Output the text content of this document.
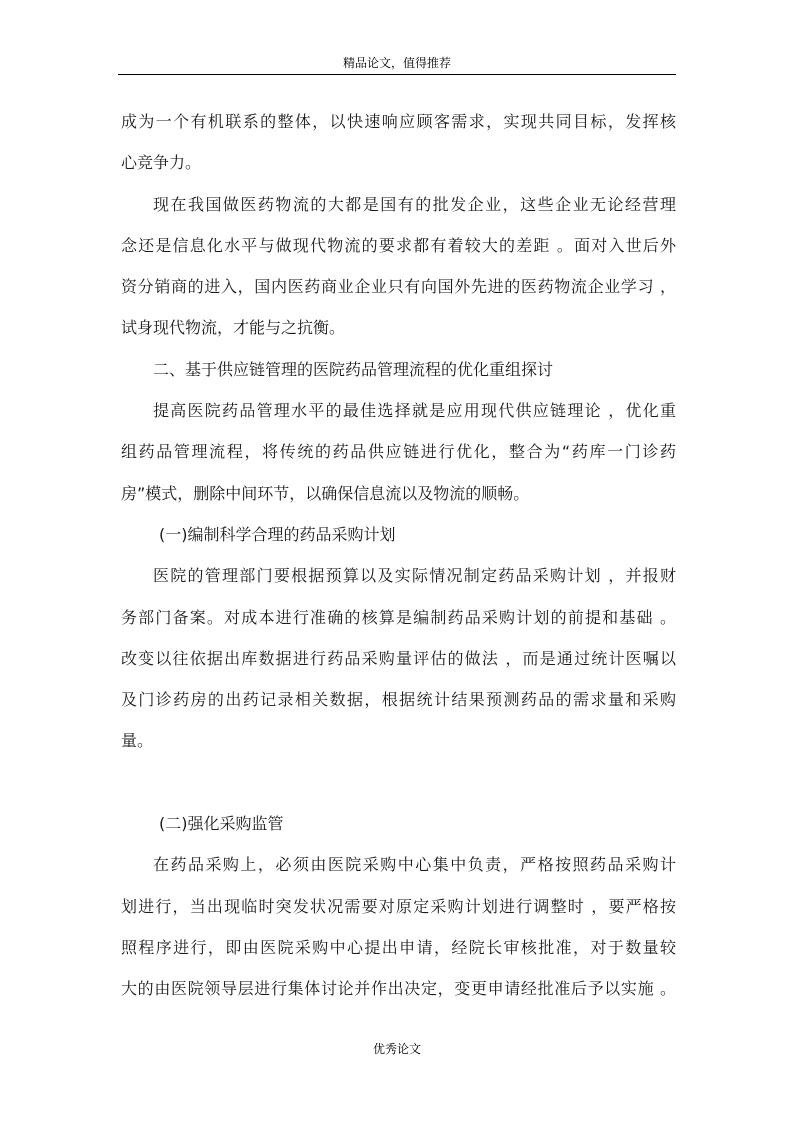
精品论文，值得推荐
成为一个有机联系的整体，以快速响应顾客需求，实现共同目标，发挥核
心竞争力。
现在我国做医药物流的大都是国有的批发企业，这些企业无论经营理
念还是信息化水平与做现代物流的要求都有着较大的差距 。面对入世后外
资分销商的进入，国内医药商业企业只有向国外先进的医药物流企业学习 ，
试身现代物流，才能与之抗衡。
二、基于供应链管理的医院药品管理流程的优化重组探讨
提高医院药品管理水平的最佳选择就是应用现代供应链理论 ，优化重
组药品管理流程，将传统的药品供应链进行优化，整合为“药库一门诊药
房”模式，删除中间环节，以确保信息流以及物流的顺畅。
(一)编制科学合理的药品采购计划
医院的管理部门要根据预算以及实际情况制定药品采购计划 ，并报财
务部门备案。对成本进行准确的核算是编制药品采购计划的前提和基础 。
改变以往依据出库数据进行药品采购量评估的做法 ，而是通过统计医嘱以
及门诊药房的出药记录相关数据，根据统计结果预测药品的需求量和采购
量。
(二)强化采购监管
在药品采购上，必须由医院采购中心集中负责，严格按照药品采购计
划进行，当出现临时突发状况需要对原定采购计划进行调整时 ，要严格按
照程序进行，即由医院采购中心提出申请，经院长审核批准，对于数量较
大的由医院领导层进行集体讨论并作出决定，变更申请经批准后予以实施 。
优秀论文
